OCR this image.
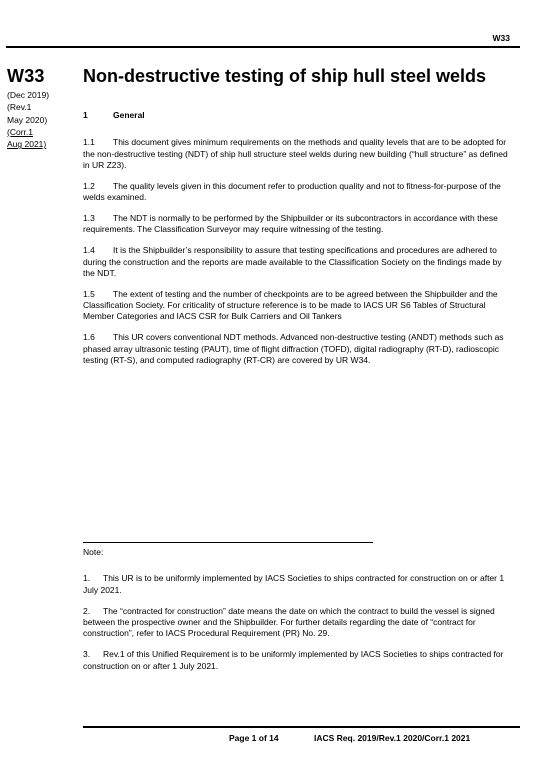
W33
W33 Non-destructive testing of ship hull steel welds
(Dec 2019)
(Rev.1
May 2020)
(Corr.1
Aug 2021)
1	General

1.1 This document gives minimum requirements on the methods and quality levels that are to be adopted for the non-destructive testing (NDT) of ship hull structure steel welds during new building (“hull structure” as defined in UR Z23).

1.2 The quality levels given in this document refer to production quality and not to fitness-for-purpose of the welds examined.

1.3 The NDT is normally to be performed by the Shipbuilder or its subcontractors in accordance with these requirements. The Classification Surveyor may require witnessing of the testing.

1.4 It is the Shipbuilder’s responsibility to assure that testing specifications and procedures are adhered to during the construction and the reports are made available to the Classification Society on the findings made by the NDT.

1.5 The extent of testing and the number of checkpoints are to be agreed between the Shipbuilder and the Classification Society. For criticality of structure reference is to be made to IACS UR S6 Tables of Structural Member Categories and IACS CSR for Bulk Carriers and Oil Tankers

1.6 This UR covers conventional NDT methods. Advanced non-destructive testing (ANDT) methods such as phased array ultrasonic testing (PAUT), time of flight diffraction (TOFD), digital radiography (RT-D), radioscopic testing (RT-S), and computed radiography (RT-CR) are covered by UR W34.

Note:

1. This UR is to be uniformly implemented by IACS Societies to ships contracted for construction on or after 1 July 2021.

2. The “contracted for construction” date means the date on which the contract to build the vessel is signed between the prospective owner and the Shipbuilder. For further details regarding the date of “contract for construction”, refer to IACS Procedural Requirement (PR) No. 29.

3. Rev.1 of this Unified Requirement is to be uniformly implemented by IACS Societies to ships contracted for construction on or after 1 July 2021.

Page 1 of 14	IACS Req. 2019/Rev.1 2020/Corr.1 2021
